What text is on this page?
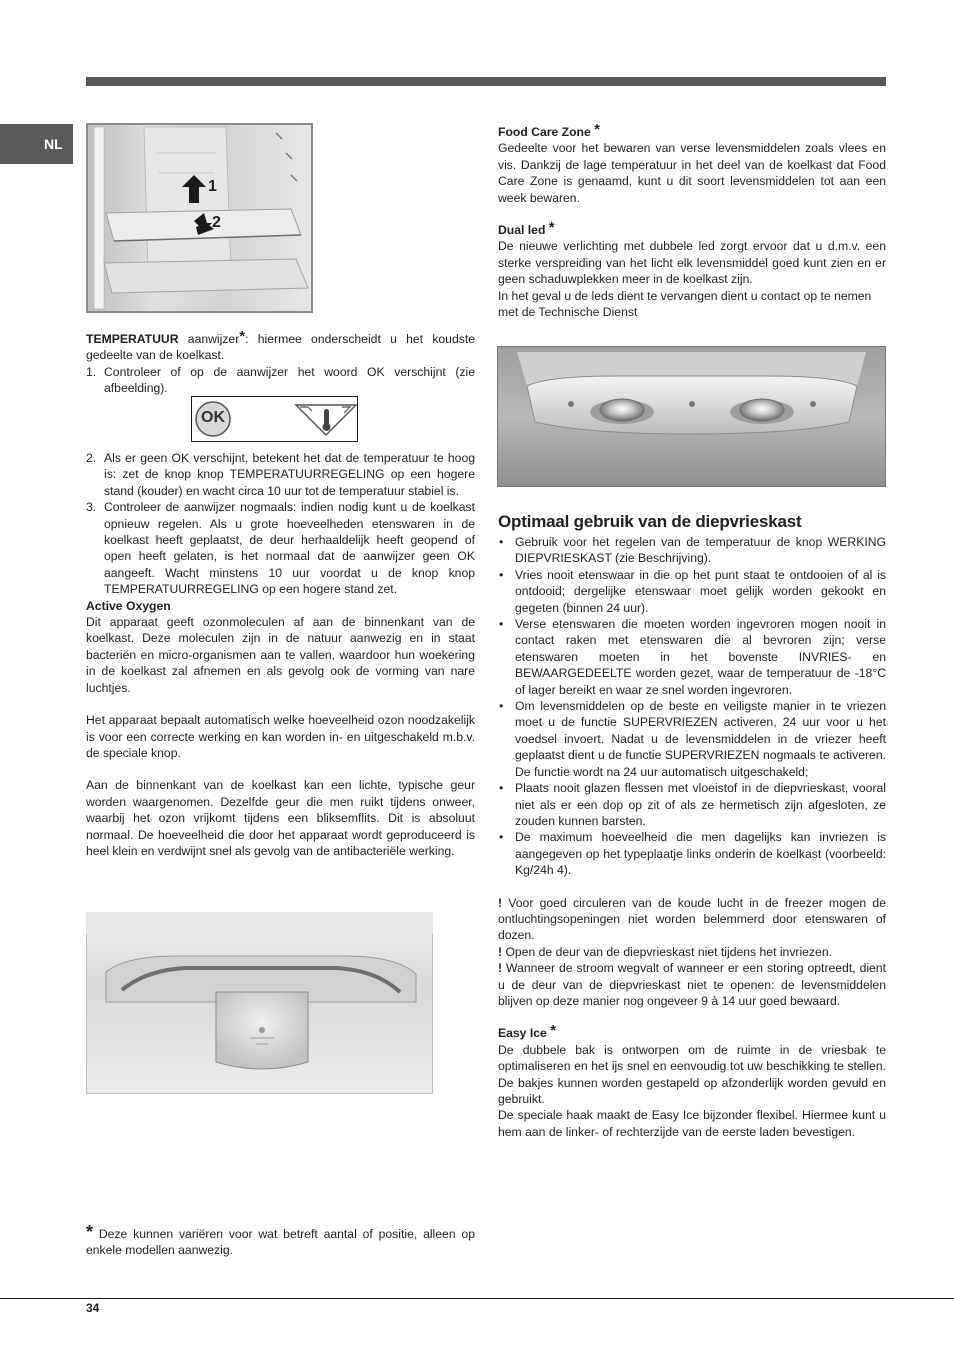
NL
1
2

TEMPERATUUR aanwijzer*: hiermee onderscheidt u het koudste gedeelte van de koelkast.

1. Controleer of op de aanwijzer het woord OK verschijnt (zie afbeelding).
OK
2. Als er geen OK verschijnt, betekent het dat de temperatuur te hoog is: zet de knop knop TEMPERATUURREGELING op een hogere stand (kouder) en wacht circa 10 uur tot de temperatuur stabiel is.
3. Controleer de aanwijzer nogmaals: indien nodig kunt u de koelkast opnieuw regelen. Als u grote hoeveelheden etenswaren in de koelkast heeft geplaatst, de deur herhaaldelijk heeft geopend of open heeft gelaten, is het normaal dat de aanwijzer geen OK aangeeft. Wacht minstens 10 uur voordat u de knop knop TEMPERATUURREGELING op een hogere stand zet.

Active Oxygen

Dit apparaat geeft ozonmoleculen af aan de binnenkant van de koelkast. Deze moleculen zijn in de natuur aanwezig en in staat bacteriën en micro-organismen aan te vallen, waardoor hun woekering in de koelkast zal afnemen en als gevolg ook de vorming van nare luchtjes.

Het apparaat bepaalt automatisch welke hoeveelheid ozon noodzakelijk is voor een correcte werking en kan worden in- en uitgeschakeld m.b.v. de speciale knop.

Aan de binnenkant van de koelkast kan een lichte, typische geur worden waargenomen. Dezelfde geur die men ruikt tijdens onweer, waarbij het ozon vrijkomt tijdens een bliksemflits. Dit is absoluut normaal. De hoeveelheid die door het apparaat wordt geproduceerd is heel klein en verdwijnt snel als gevolg van de antibacteriële werking.

* Deze kunnen variëren voor wat betreft aantal of positie, alleen op enkele modellen aanwezig.

Food Care Zone *

Gedeelte voor het bewaren van verse levensmiddelen zoals vlees en vis. Dankzij de lage temperatuur in het deel van de koelkast dat Food Care Zone is genaamd, kunt u dit soort levensmiddelen tot aan een week bewaren.

Dual led *

De nieuwe verlichting met dubbele led zorgt ervoor dat u d.m.v. een sterke verspreiding van het licht elk levensmiddel goed kunt zien en er geen schaduwplekken meer in de koelkast zijn.

In het geval u de leds dient te vervangen dient u contact op te nemen met de Technische Dienst

Optimaal gebruik van de diepvrieskast

• Gebruik voor het regelen van de temperatuur de knop WERKING DIEPVRIESKAST (zie Beschrijving).
• Vries nooit etenswaar in die op het punt staat te ontdooien of al is ontdooid; dergelijke etenswaar moet gelijk worden gekookt en gegeten (binnen 24 uur).
• Verse etenswaren die moeten worden ingevroren mogen nooit in contact raken met etenswaren die al bevroren zijn; verse etenswaren moeten in het bovenste INVRIES- en BEWAARGEDEELTE worden gezet, waar de temperatuur de -18°C of lager bereikt en waar ze snel worden ingevroren.
• Om levensmiddelen op de beste en veiligste manier in te vriezen moet u de functie SUPERVRIEZEN activeren, 24 uur voor u het voedsel invoert. Nadat u de levensmiddelen in de vriezer heeft geplaatst dient u de functie SUPERVRIEZEN nogmaals te activeren. De functie wordt na 24 uur automatisch uitgeschakeld;
• Plaats nooit glazen flessen met vloeistof in de diepvrieskast, vooral niet als er een dop op zit of als ze hermetisch zijn afgesloten, ze zouden kunnen barsten.
• De maximum hoeveelheid die men dagelijks kan invriezen is aangegeven op het typeplaatje links onderin de koelkast (voorbeeld: Kg/24h 4).

! Voor goed circuleren van de koude lucht in de freezer mogen de ontluchtingsopeningen niet worden belemmerd door etenswaren of dozen.

! Open de deur van de diepvrieskast niet tijdens het invriezen.

! Wanneer de stroom wegvalt of wanneer er een storing optreedt, dient u de deur van de diepvrieskast niet te openen: de levensmiddelen blijven op deze manier nog ongeveer 9 à 14 uur goed bewaard.

Easy Ice *

De dubbele bak is ontworpen om de ruimte in de vriesbak te optimaliseren en het ijs snel en eenvoudig tot uw beschikking te stellen. De bakjes kunnen worden gestapeld op afzonderlijk worden gevuld en gebruikt.

De speciale haak maakt de Easy Ice bijzonder flexibel. Hiermee kunt u hem aan de linker- of rechterzijde van de eerste laden bevestigen.

34
